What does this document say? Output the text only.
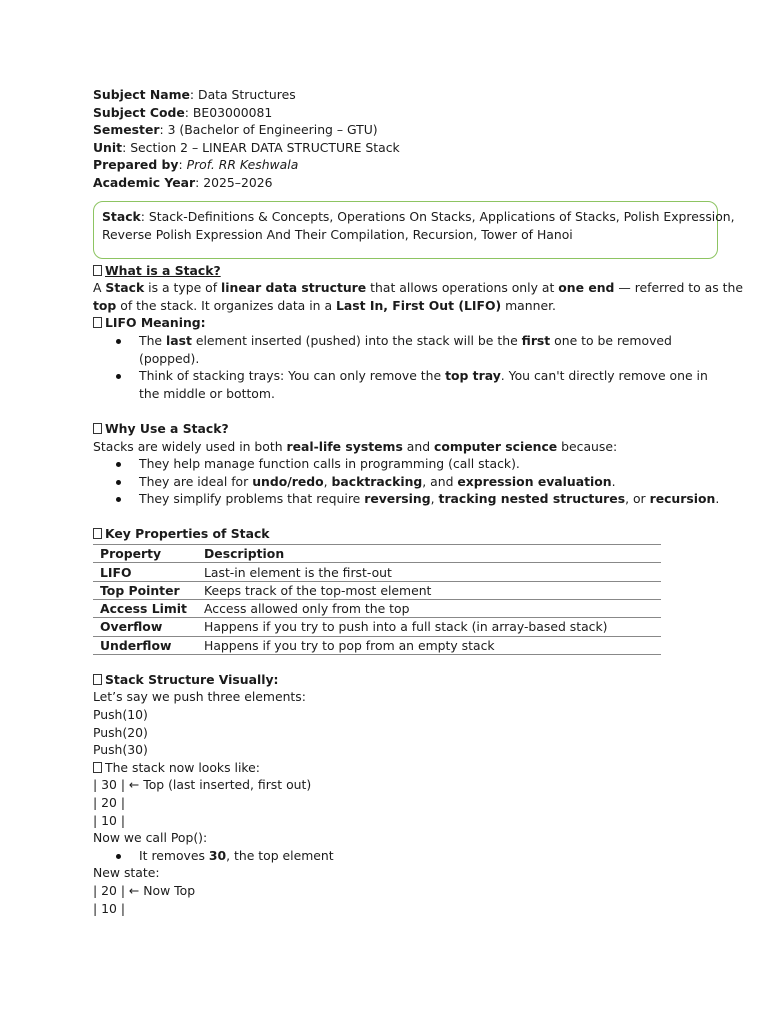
Subject Name: Data Structures
Subject Code: BE03000081
Semester: 3 (Bachelor of Engineering – GTU)
Unit: Section 2 – LINEAR DATA STRUCTURE Stack
Prepared by: Prof. RR Keshwala
Academic Year: 2025–2026
Stack: Stack-Definitions & Concepts, Operations On Stacks, Applications of Stacks, Polish Expression,
Reverse Polish Expression And Their Compilation, Recursion, Tower of Hanoi
What is a Stack?
A Stack is a type of linear data structure that allows operations only at one end — referred to as the
top of the stack. It organizes data in a Last In, First Out (LIFO) manner.
LIFO Meaning:
The last element inserted (pushed) into the stack will be the first one to be removed
(popped).
Think of stacking trays: You can only remove the top tray. You can't directly remove one in
the middle or bottom.
Why Use a Stack?
Stacks are widely used in both real-life systems and computer science because:
They help manage function calls in programming (call stack).
They are ideal for undo/redo, backtracking, and expression evaluation.
They simplify problems that require reversing, tracking nested structures, or recursion.
Key Properties of Stack
Property	Description
LIFO	Last-in element is the first-out
Top Pointer	Keeps track of the top-most element
Access Limit	Access allowed only from the top
Overflow	Happens if you try to push into a full stack (in array-based stack)
Underflow	Happens if you try to pop from an empty stack
Stack Structure Visually:
Let’s say we push three elements:
Push(10)
Push(20)
Push(30)
The stack now looks like:
| 30 | ← Top (last inserted, first out)
| 20 |
| 10 |
Now we call Pop():
It removes 30, the top element
New state:
| 20 | ← Now Top
| 10 |
